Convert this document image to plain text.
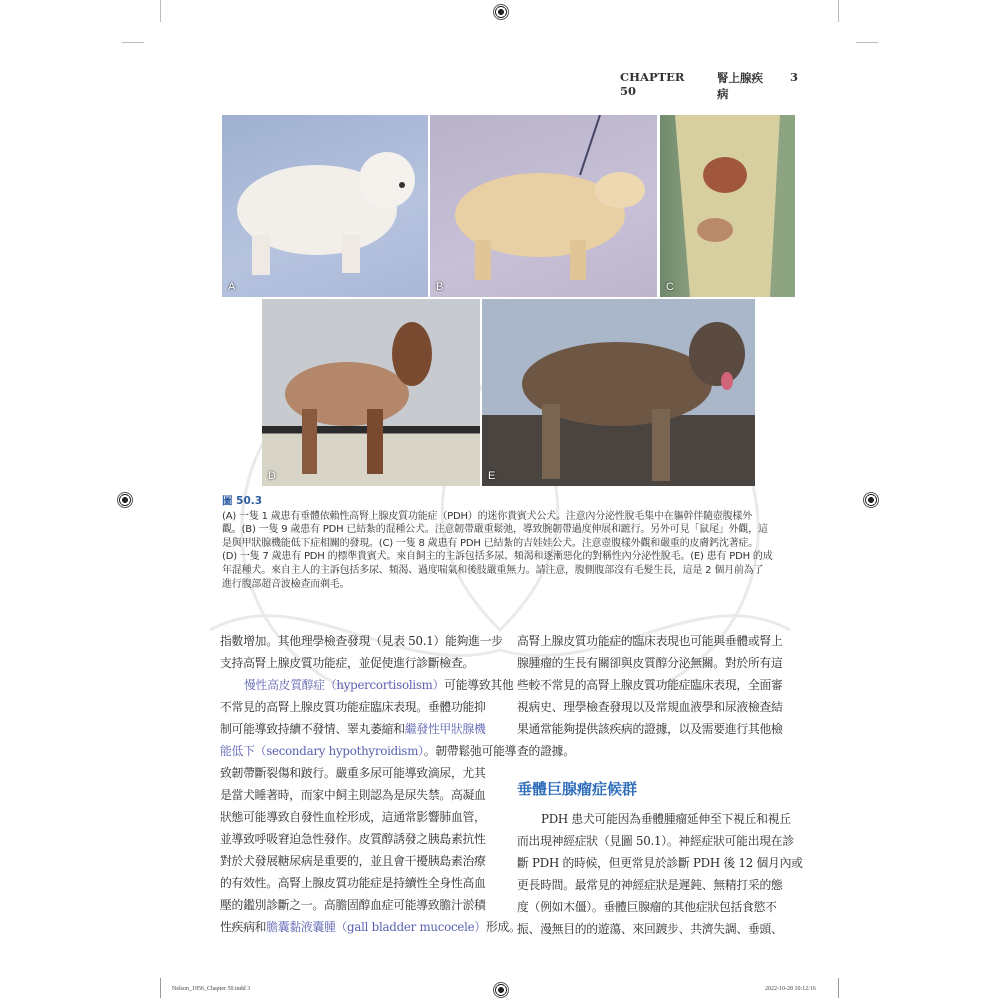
CHAPTER 50
腎上腺疾病
3
A	B	C
D	E
圖 50.3
(A) 一隻 1 歲患有垂體依賴性高腎上腺皮質功能症（PDH）的迷你貴賓犬公犬。注意內分泌性脫毛集中在軀幹伴隨壺腹樣外
觀。(B) 一隻 9 歲患有 PDH 已結紮的混種公犬。注意韌帶嚴重鬆弛，導致腕韌帶過度伸展和蹠行。另外可見「鼠尾」外觀，這
是與甲狀腺機能低下症相關的發現。(C) 一隻 8 歲患有 PDH 已結紮的吉娃娃公犬。注意壺腹樣外觀和嚴重的皮膚鈣沈著症。
(D) 一隻 7 歲患有 PDH 的標準貴賓犬。來自飼主的主訴包括多尿、頻渴和逐漸惡化的對稱性內分泌性脫毛。(E) 患有 PDH 的成
年混種犬。來自主人的主訴包括多尿、頻渴、過度喘氣和後肢嚴重無力。請注意，腹側腹部沒有毛髮生長，這是 2 個月前為了
進行腹部超音波檢查而剃毛。
指數增加。其他理學檢查發現（見表 50.1）能夠進一步
支持高腎上腺皮質功能症，並促使進行診斷檢查。
慢性高皮質醇症（hypercortisolism）可能導致其他
不常見的高腎上腺皮質功能症臨床表現。垂體功能抑
制可能導致持續不發情、睪丸萎縮和繼發性甲狀腺機
能低下（secondary hypothyroidism）。韌帶鬆弛可能導
致韌帶斷裂傷和跛行。嚴重多尿可能導致滴尿，尤其
是當犬睡著時，而家中飼主則認為是尿失禁。高凝血
狀態可能導致自發性血栓形成，這通常影響肺血管，
並導致呼吸窘迫急性發作。皮質醇誘發之胰島素抗性
對於犬發展糖尿病是重要的，並且會干擾胰島素治療
的有效性。高腎上腺皮質功能症是持續性全身性高血
壓的鑑別診斷之一。高膽固醇血症可能導致膽汁淤積
性疾病和膽囊黏液囊腫（gall bladder mucocele）形成。
高腎上腺皮質功能症的臨床表現也可能與垂體或腎上
腺腫瘤的生長有關卻與皮質醇分泌無關。對於所有這
些較不常見的高腎上腺皮質功能症臨床表現，全面審
視病史、理學檢查發現以及常規血液學和尿液檢查結
果通常能夠提供該疾病的證據，以及需要進行其他檢
查的證據。
垂體巨腺瘤症候群
PDH 患犬可能因為垂體腫瘤延伸至下視丘和視丘
而出現神經症狀（見圖 50.1）。神經症狀可能出現在診
斷 PDH 的時候，但更常見於診斷 PDH 後 12 個月內或
更長時間。最常見的神經症狀是遲鈍、無精打采的態
度（例如木僵）。垂體巨腺瘤的其他症狀包括食慾不
振、漫無目的的遊蕩、來回踱步、共濟失調、垂頭、
Nelson_1956_Chapter 50.indd 3	2022-10-28 10:12:16
